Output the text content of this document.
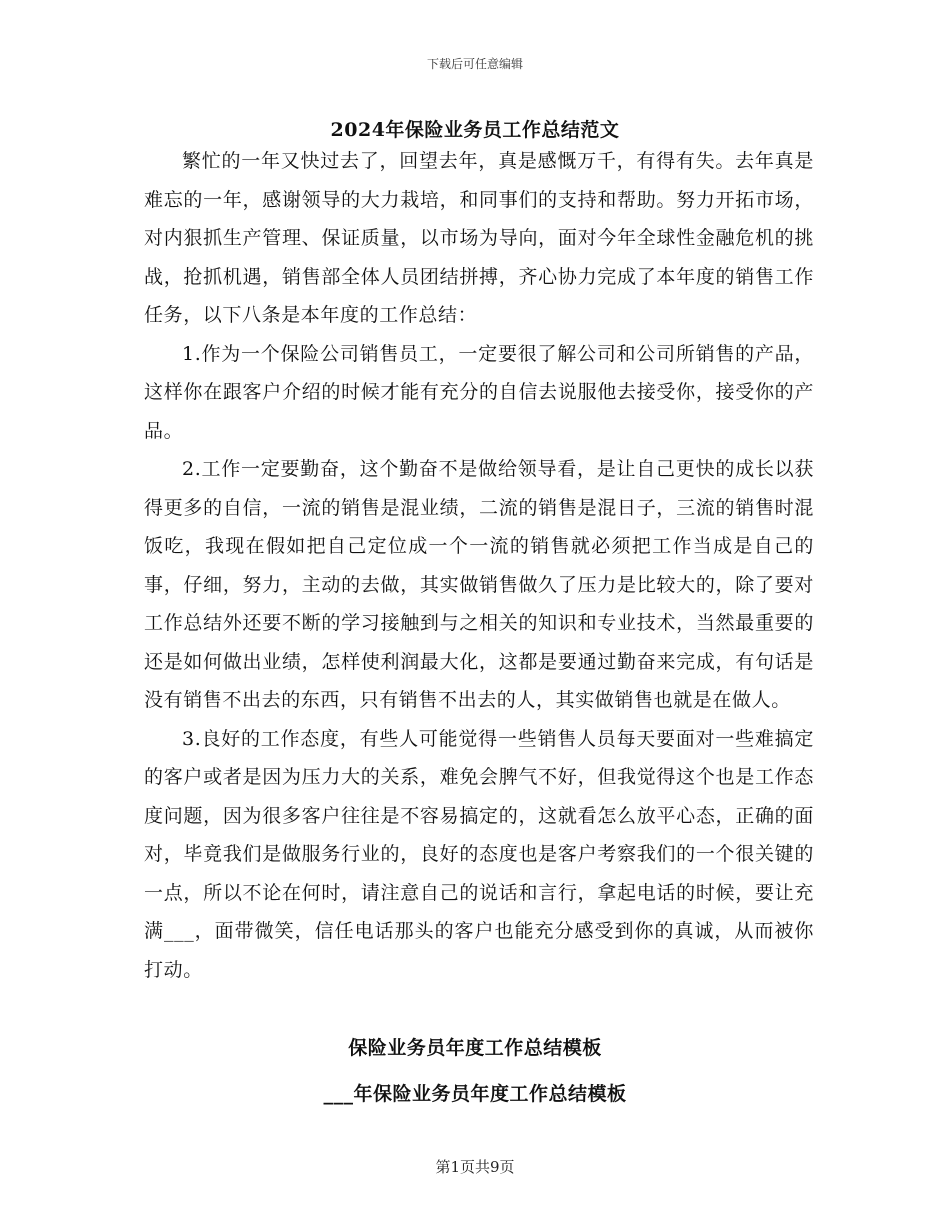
下载后可任意编辑
2024年保险业务员工作总结范文

繁忙的一年又快过去了，回望去年，真是感慨万千，有得有失。去年真是难忘的一年，感谢领导的大力栽培，和同事们的支持和帮助。努力开拓市场，对内狠抓生产管理、保证质量，以市场为导向，面对今年全球性金融危机的挑战，抢抓机遇，销售部全体人员团结拼搏，齐心协力完成了本年度的销售工作任务，以下八条是本年度的工作总结：

1.作为一个保险公司销售员工，一定要很了解公司和公司所销售的产品，这样你在跟客户介绍的时候才能有充分的自信去说服他去接受你，接受你的产品。

2.工作一定要勤奋，这个勤奋不是做给领导看，是让自己更快的成长以获得更多的自信，一流的销售是混业绩，二流的销售是混日子，三流的销售时混饭吃，我现在假如把自己定位成一个一流的销售就必须把工作当成是自己的事，仔细，努力，主动的去做，其实做销售做久了压力是比较大的，除了要对工作总结外还要不断的学习接触到与之相关的知识和专业技术，当然最重要的还是如何做出业绩，怎样使利润最大化，这都是要通过勤奋来完成，有句话是没有销售不出去的东西，只有销售不出去的人，其实做销售也就是在做人。

3.良好的工作态度，有些人可能觉得一些销售人员每天要面对一些难搞定的客户或者是因为压力大的关系，难免会脾气不好，但我觉得这个也是工作态度问题，因为很多客户往往是不容易搞定的，这就看怎么放平心态，正确的面对，毕竟我们是做服务行业的，良好的态度也是客户考察我们的一个很关键的一点，所以不论在何时，请注意自己的说话和言行，拿起电话的时候，要让充满___，面带微笑，信任电话那头的客户也能充分感受到你的真诚，从而被你打动。

保险业务员年度工作总结模板
___年保险业务员年度工作总结模板
第1页共9页
